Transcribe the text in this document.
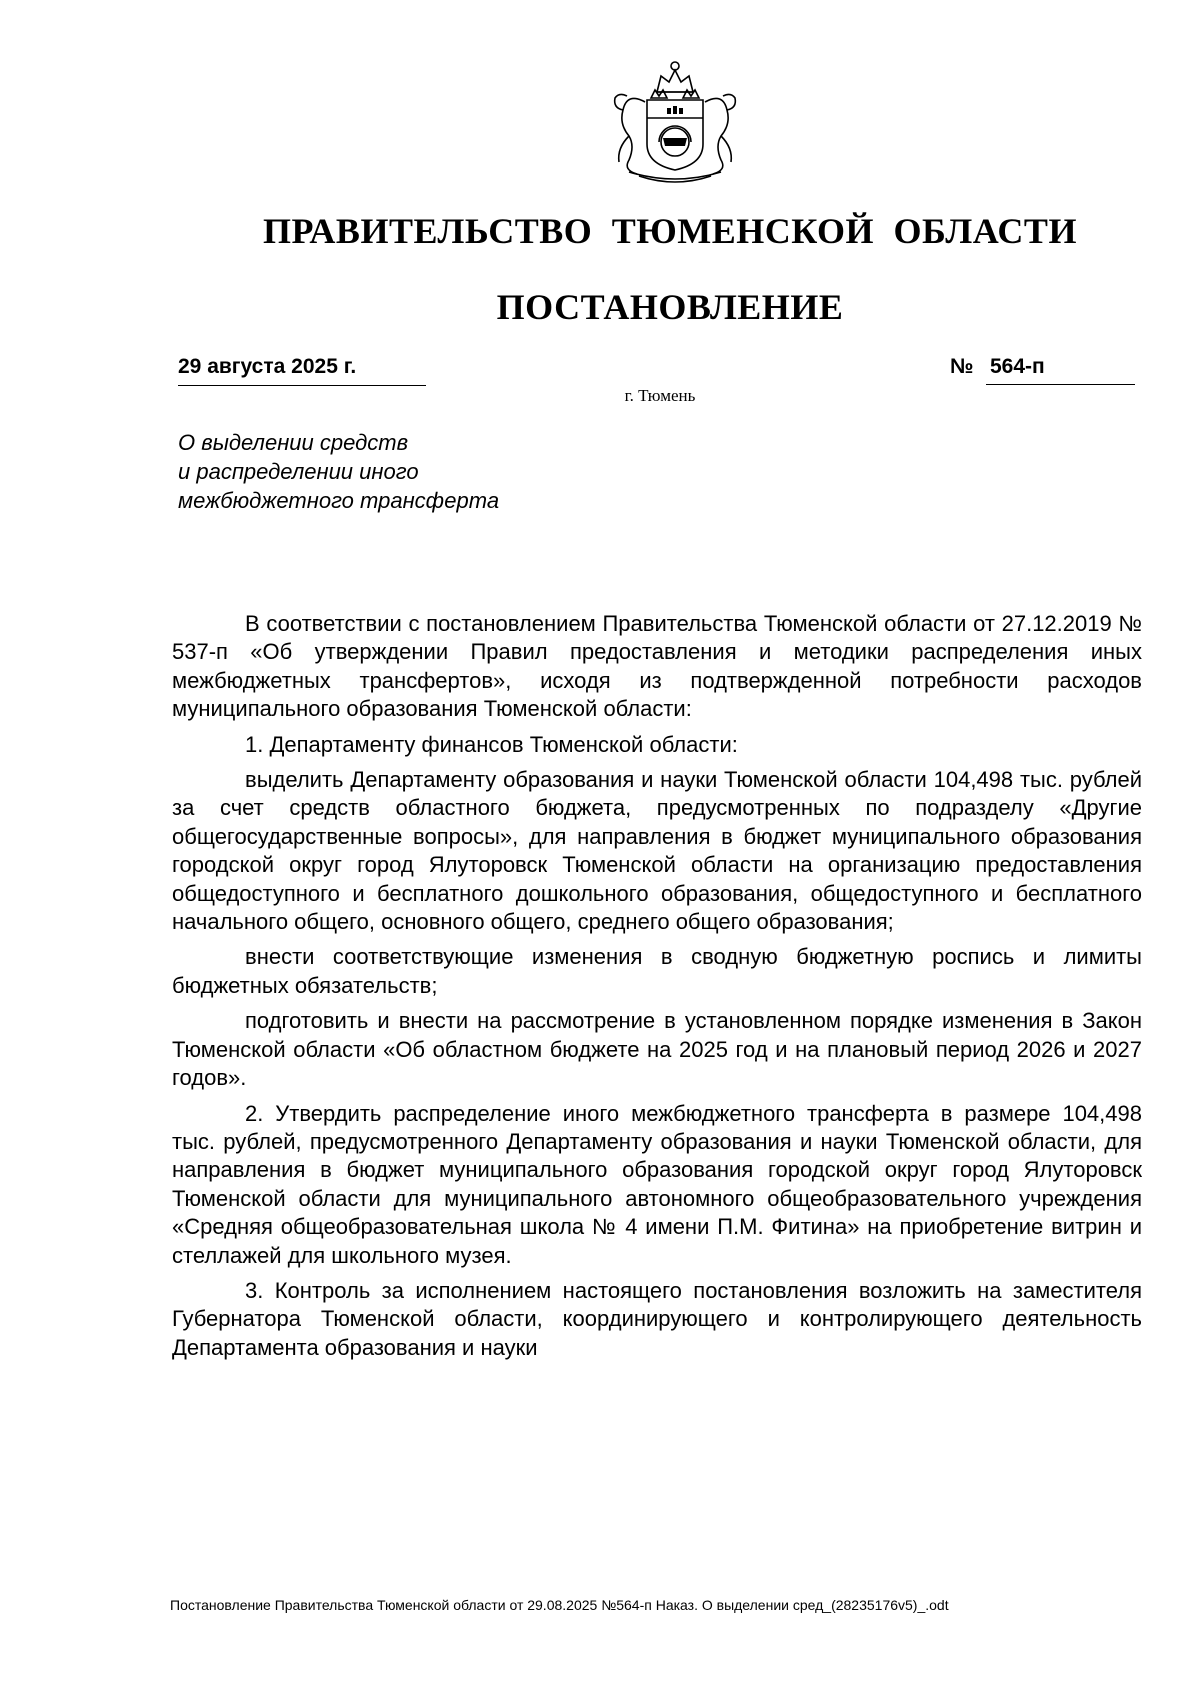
ПРАВИТЕЛЬСТВО ТЮМЕНСКОЙ ОБЛАСТИ
ПОСТАНОВЛЕНИЕ
29 августа 2025 г.	№ 564-п
г. Тюмень
О выделении средств
и распределении иного
межбюджетного трансферта

В соответствии с постановлением Правительства Тюменской области от 27.12.2019 № 537-п «Об утверждении Правил предоставления и методики распределения иных межбюджетных трансфертов», исходя из подтвержденной потребности расходов муниципального образования Тюменской области:

1. Департаменту финансов Тюменской области:

выделить Департаменту образования и науки Тюменской области 104,498 тыс. рублей за счет средств областного бюджета, предусмотренных по подразделу «Другие общегосударственные вопросы», для направления в бюджет муниципального образования городской округ город Ялуторовск Тюменской области на организацию предоставления общедоступного и бесплатного дошкольного образования, общедоступного и бесплатного начального общего, основного общего, среднего общего образования;

внести соответствующие изменения в сводную бюджетную роспись и лимиты бюджетных обязательств;

подготовить и внести на рассмотрение в установленном порядке изменения в Закон Тюменской области «Об областном бюджете на 2025 год и на плановый период 2026 и 2027 годов».

2. Утвердить распределение иного межбюджетного трансферта в размере 104,498 тыс. рублей, предусмотренного Департаменту образования и науки Тюменской области, для направления в бюджет муниципального образования городской округ город Ялуторовск Тюменской области для муниципального автономного общеобразовательного учреждения «Средняя общеобразовательная школа № 4 имени П.М. Фитина» на приобретение витрин и стеллажей для школьного музея.

3. Контроль за исполнением настоящего постановления возложить на заместителя Губернатора Тюменской области, координирующего и контролирующего деятельность Департамента образования и науки

Постановление Правительства Тюменской области от 29.08.2025 №564-п Наказ. О выделении сред_(28235176v5)_.odt
